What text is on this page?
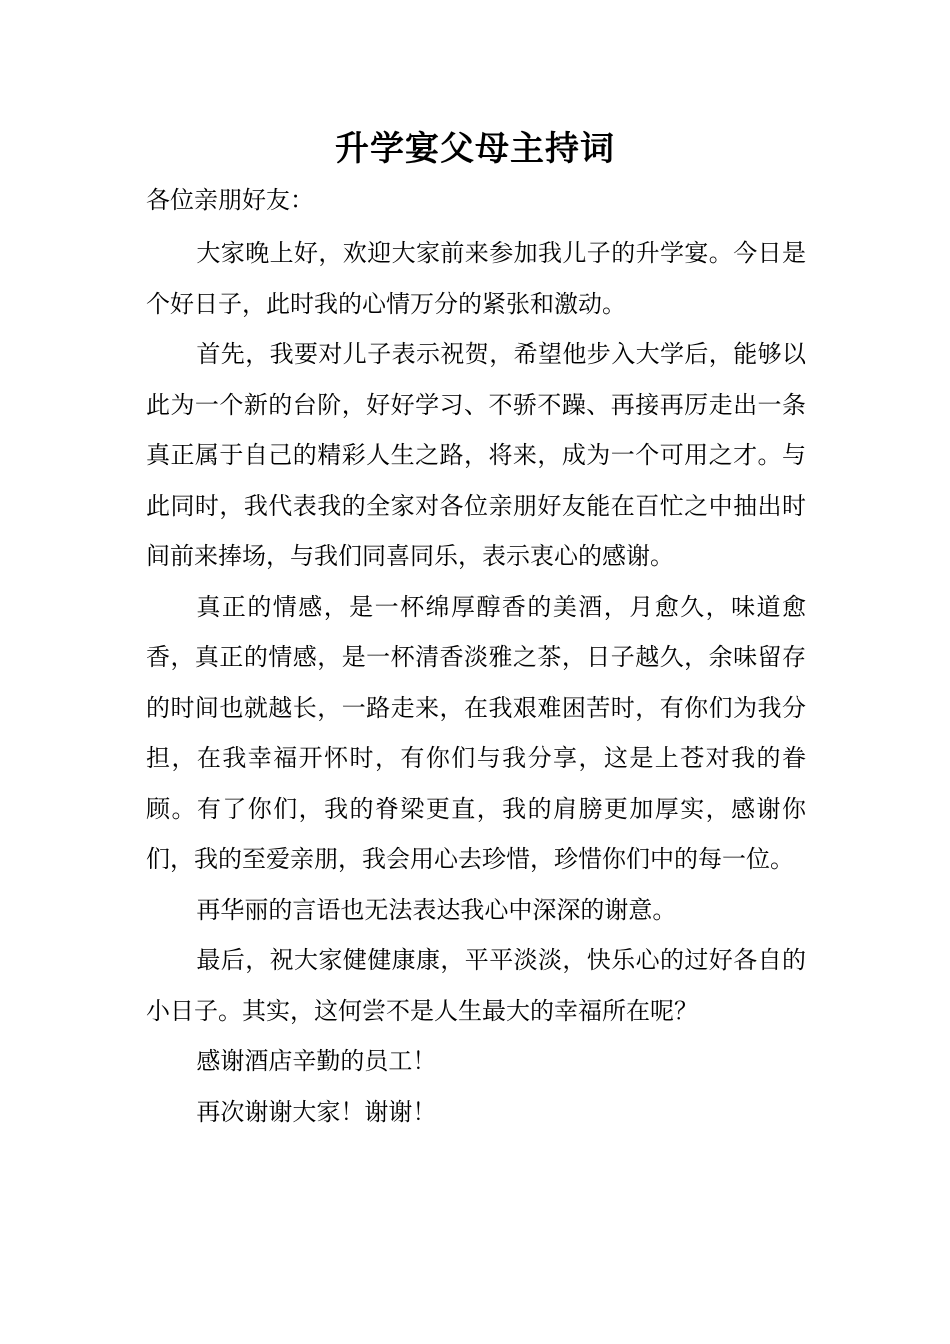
升学宴父母主持词

各位亲朋好友：

大家晚上好，欢迎大家前来参加我儿子的升学宴。今日是个好日子，此时我的心情万分的紧张和激动。

首先，我要对儿子表示祝贺，希望他步入大学后，能够以此为一个新的台阶，好好学习、不骄不躁、再接再厉走出一条真正属于自己的精彩人生之路，将来，成为一个可用之才。与此同时，我代表我的全家对各位亲朋好友能在百忙之中抽出时间前来捧场，与我们同喜同乐，表示衷心的感谢。

真正的情感，是一杯绵厚醇香的美酒，月愈久，味道愈香，真正的情感，是一杯清香淡雅之茶，日子越久，余味留存的时间也就越长，一路走来，在我艰难困苦时，有你们为我分担，在我幸福开怀时，有你们与我分享，这是上苍对我的眷顾。有了你们，我的脊梁更直，我的肩膀更加厚实，感谢你们，我的至爱亲朋，我会用心去珍惜，珍惜你们中的每一位。

再华丽的言语也无法表达我心中深深的谢意。

最后，祝大家健健康康，平平淡淡，快乐心的过好各自的小日子。其实，这何尝不是人生最大的幸福所在呢？

感谢酒店辛勤的员工！

再次谢谢大家！谢谢！
